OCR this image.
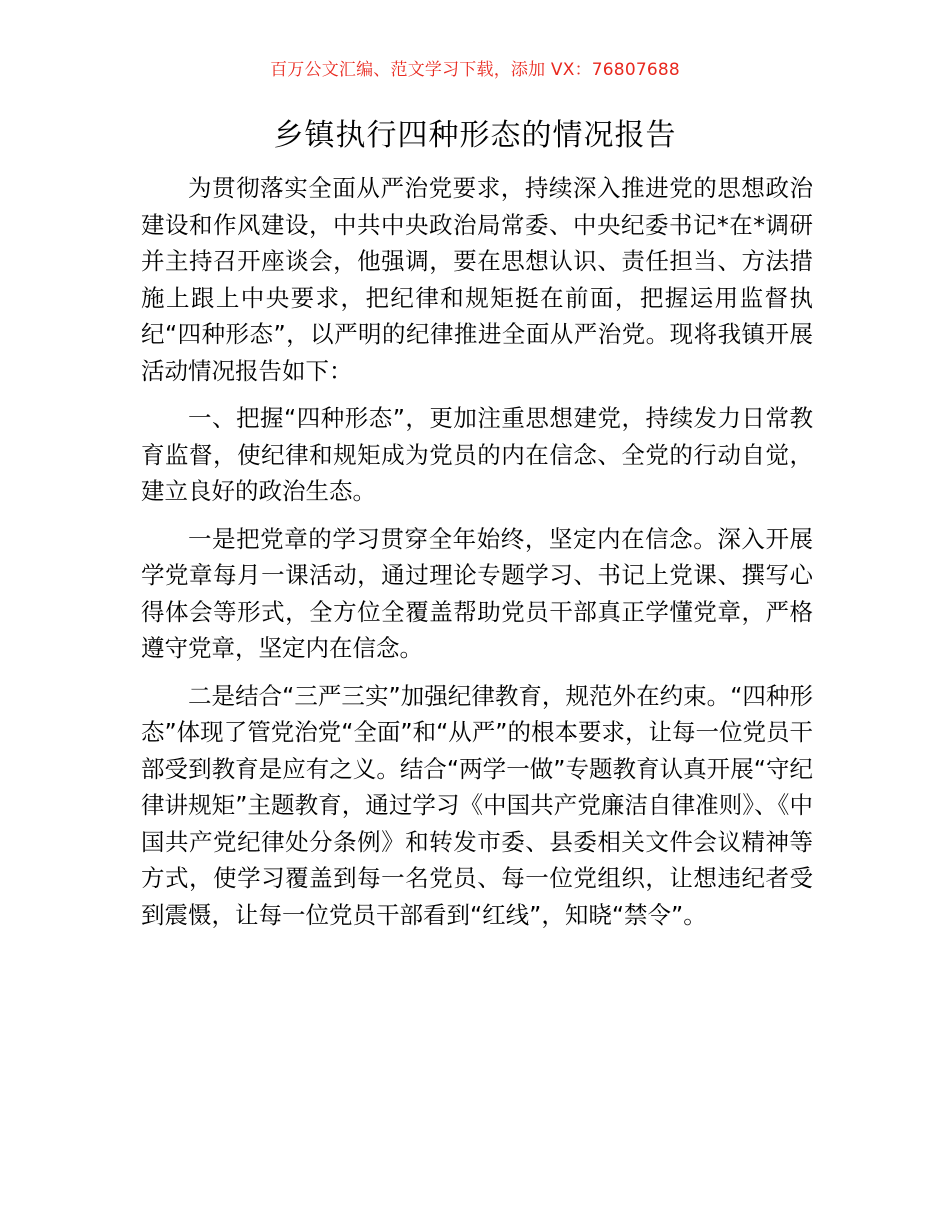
百万公文汇编、范文学习下载，添加 VX：76807688
乡镇执行四种形态的情况报告

为贯彻落实全面从严治党要求，持续深入推进党的思想政治建设和作风建设，中共中央政治局常委、中央纪委书记*在*调研并主持召开座谈会，他强调，要在思想认识、责任担当、方法措施上跟上中央要求，把纪律和规矩挺在前面，把握运用监督执纪“四种形态”，以严明的纪律推进全面从严治党。现将我镇开展活动情况报告如下：

一、把握“四种形态”，更加注重思想建党，持续发力日常教育监督，使纪律和规矩成为党员的内在信念、全党的行动自觉，建立良好的政治生态。

一是把党章的学习贯穿全年始终，坚定内在信念。深入开展学党章每月一课活动，通过理论专题学习、书记上党课、撰写心得体会等形式，全方位全覆盖帮助党员干部真正学懂党章，严格遵守党章，坚定内在信念。

二是结合“三严三实”加强纪律教育，规范外在约束。“四种形态”体现了管党治党“全面”和“从严”的根本要求，让每一位党员干部受到教育是应有之义。结合“两学一做”专题教育认真开展“守纪律讲规矩”主题教育，通过学习《中国共产党廉洁自律准则》、《中国共产党纪律处分条例》和转发市委、县委相关文件会议精神等方式，使学习覆盖到每一名党员、每一位党组织，让想违纪者受到震慑，让每一位党员干部看到“红线”，知晓“禁令”。
